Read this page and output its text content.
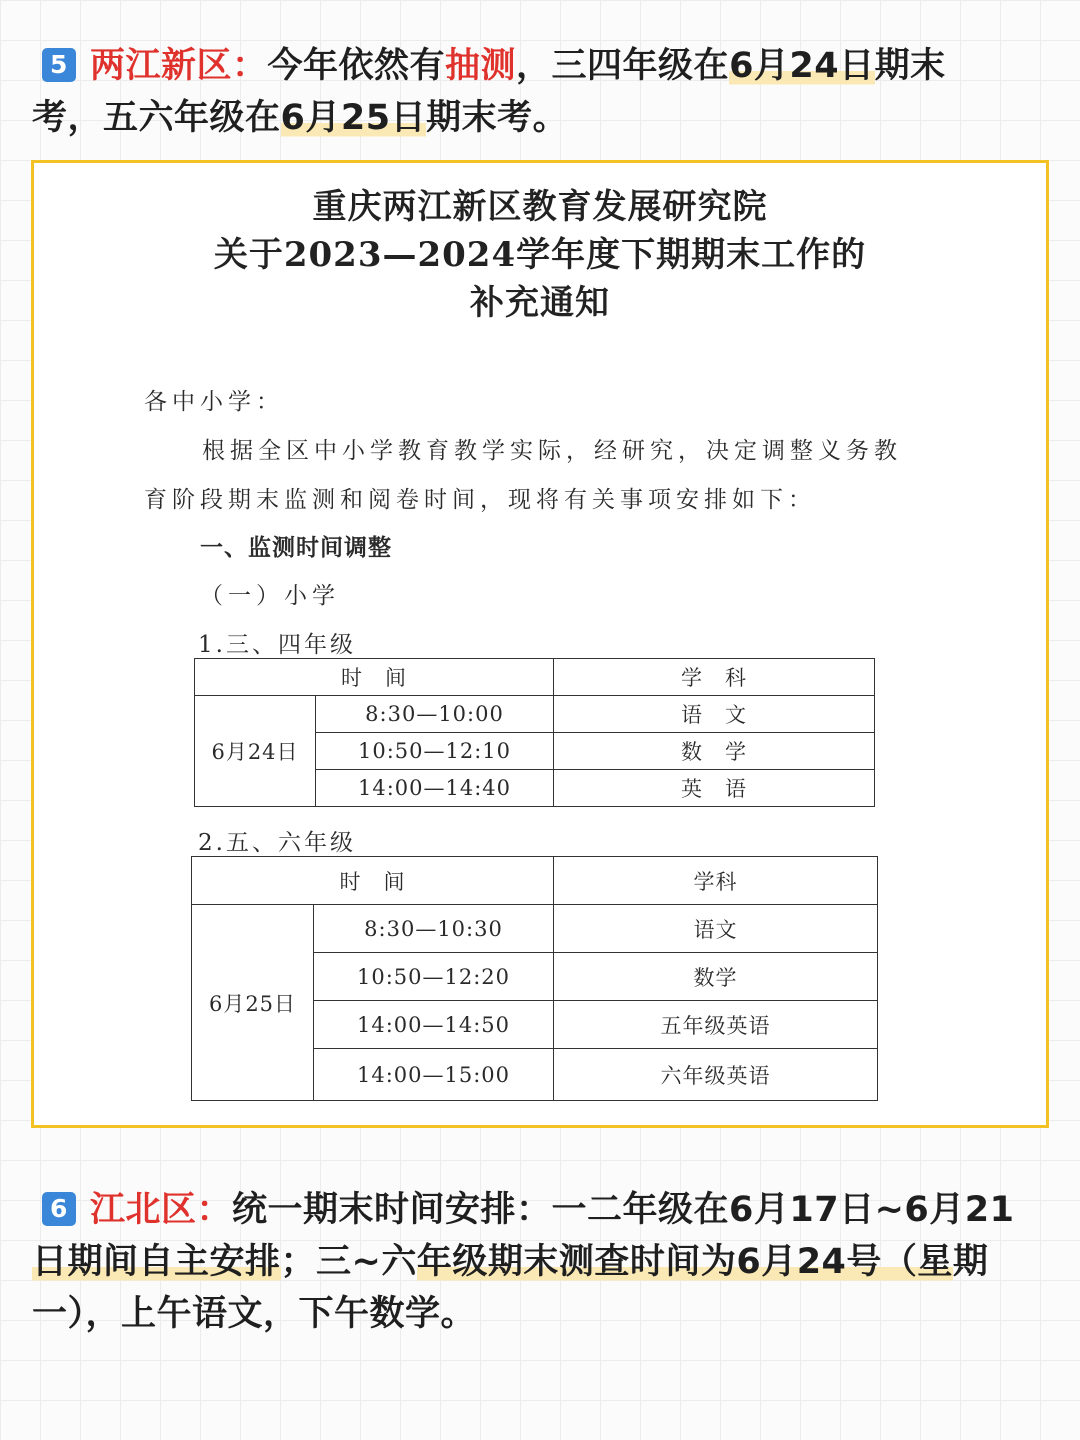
5 两江新区：今年依然有抽测，三四年级在6月24日期末
考，五六年级在6月25日期末考。
重庆两江新区教育发展研究院
关于2023—2024学年度下期期末工作的
补充通知
各中小学：
根据全区中小学教育教学实际，经研究，决定调整义务教
育阶段期末监测和阅卷时间，现将有关事项安排如下：
一、监测时间调整
（一）小学
1.三、四年级
时　间		学　科
6月24日	8:30—10:00	语　文
	10:50—12:10	数　学
	14:00—14:40	英　语
2.五、六年级
时　间		学科
6月25日	8:30—10:30	语文
	10:50—12:20	数学
	14:00—14:50	五年级英语
	14:00—15:00	六年级英语
6 江北区：统一期末时间安排：一二年级在6月17日~6月21
日期间自主安排；三~六年级期末测查时间为6月24号（星期
一），上午语文，下午数学。
